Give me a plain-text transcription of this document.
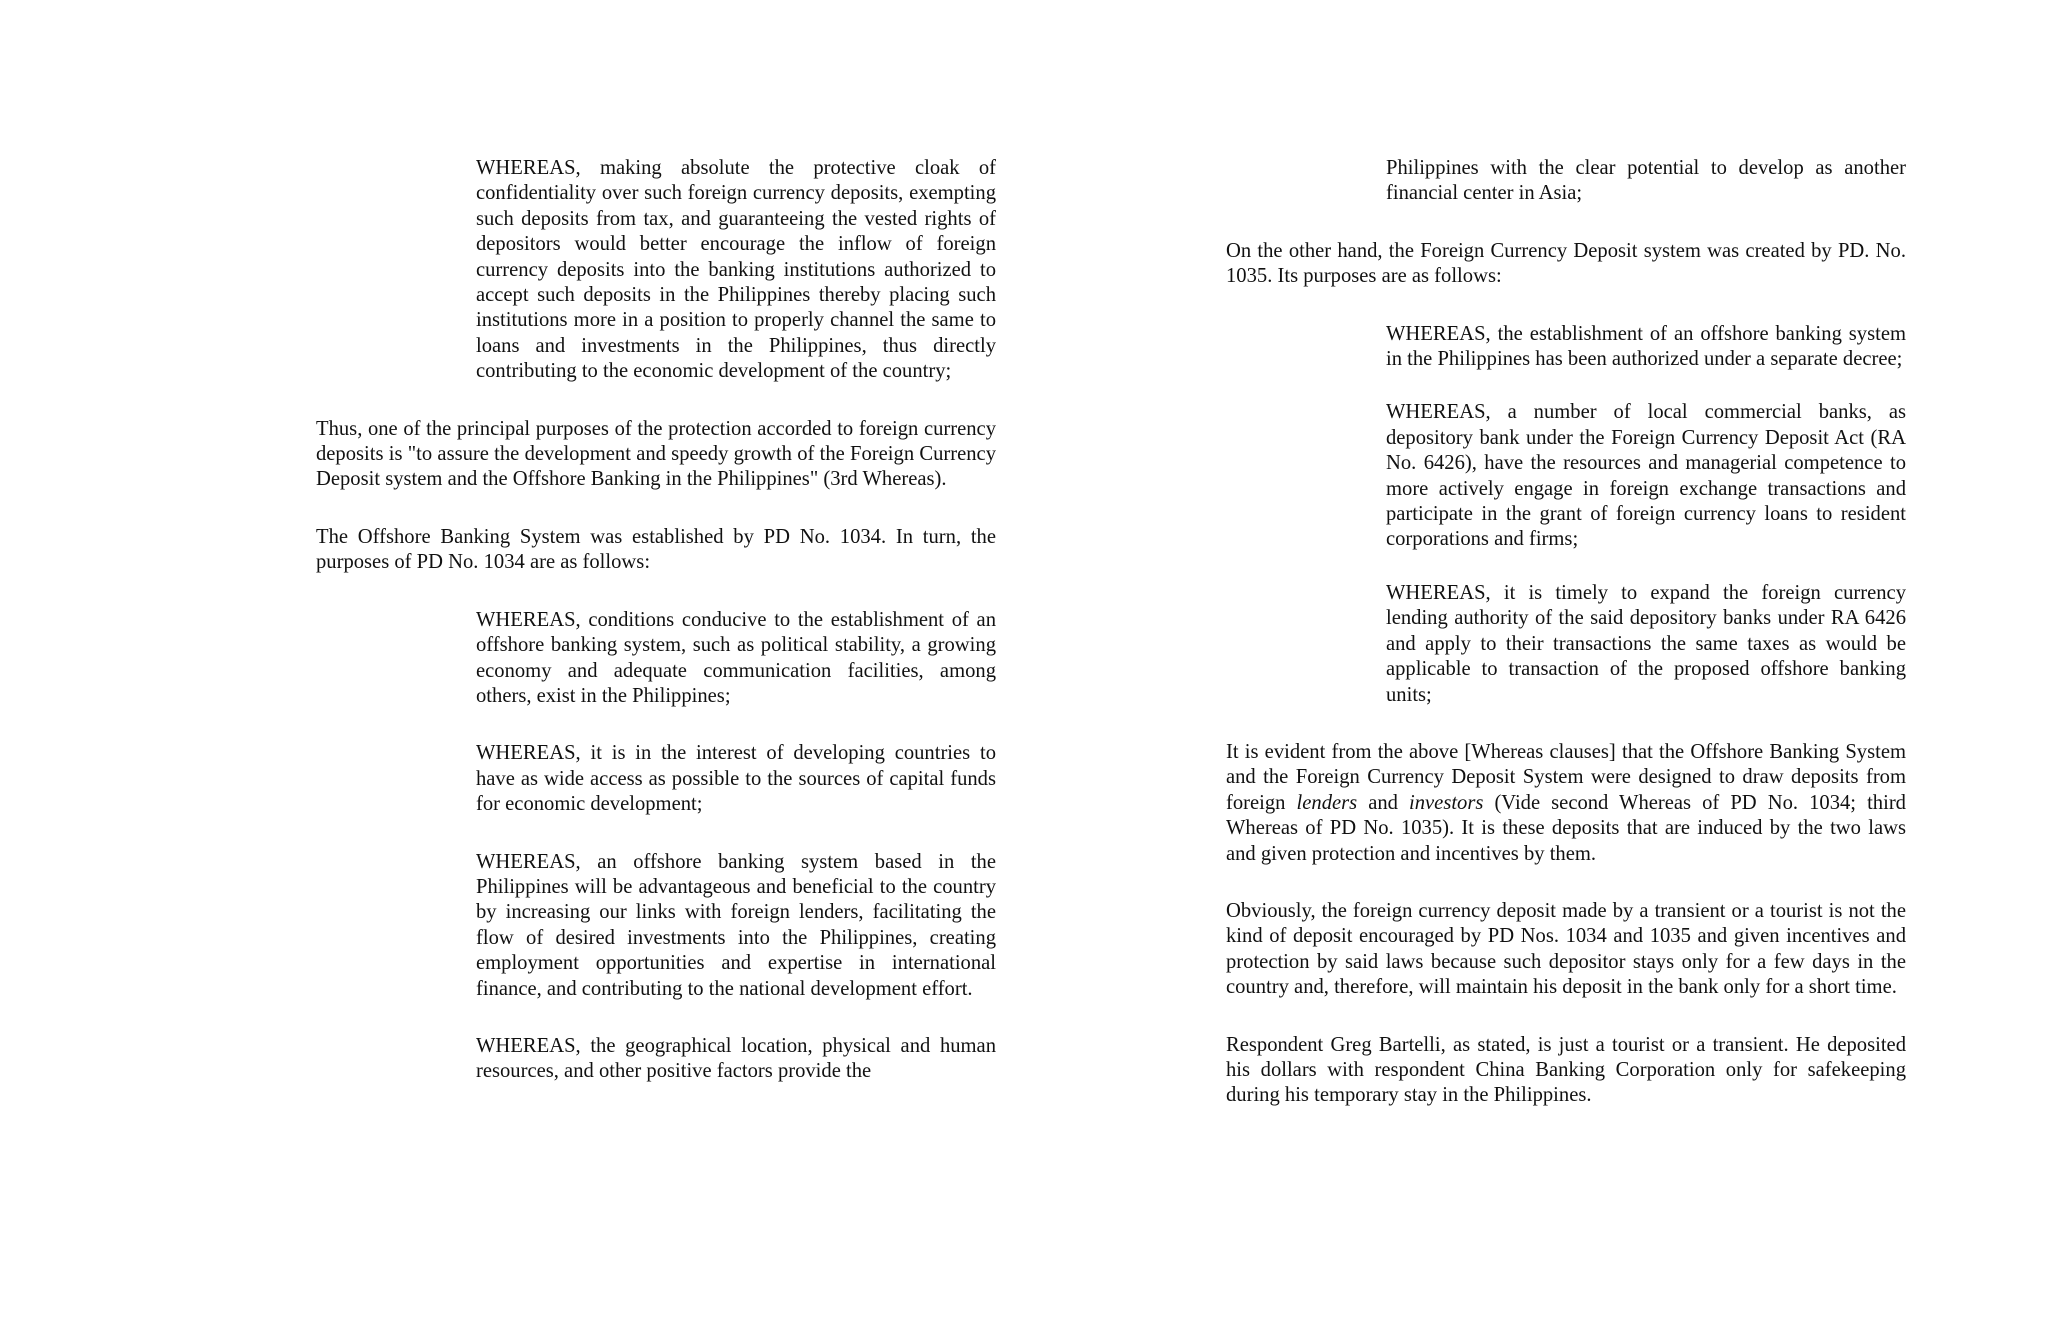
WHEREAS, making absolute the protective cloak of confidentiality over such foreign currency deposits, exempting such deposits from tax, and guaranteeing the vested rights of depositors would better encourage the inflow of foreign currency deposits into the banking institutions authorized to accept such deposits in the Philippines thereby placing such institutions more in a position to properly channel the same to loans and investments in the Philippines, thus directly contributing to the economic development of the country;

Thus, one of the principal purposes of the protection accorded to foreign currency deposits is "to assure the development and speedy growth of the Foreign Currency Deposit system and the Offshore Banking in the Philippines" (3rd Whereas).

The Offshore Banking System was established by PD No. 1034. In turn, the purposes of PD No. 1034 are as follows:

WHEREAS, conditions conducive to the establishment of an offshore banking system, such as political stability, a growing economy and adequate communication facilities, among others, exist in the Philippines;

WHEREAS, it is in the interest of developing countries to have as wide access as possible to the sources of capital funds for economic development;

WHEREAS, an offshore banking system based in the Philippines will be advantageous and beneficial to the country by increasing our links with foreign lenders, facilitating the flow of desired investments into the Philippines, creating employment opportunities and expertise in international finance, and contributing to the national development effort.

WHEREAS, the geographical location, physical and human resources, and other positive factors provide the

Philippines with the clear potential to develop as another financial center in Asia;

On the other hand, the Foreign Currency Deposit system was created by PD. No. 1035. Its purposes are as follows:

WHEREAS, the establishment of an offshore banking system in the Philippines has been authorized under a separate decree;

WHEREAS, a number of local commercial banks, as depository bank under the Foreign Currency Deposit Act (RA No. 6426), have the resources and managerial competence to more actively engage in foreign exchange transactions and participate in the grant of foreign currency loans to resident corporations and firms;

WHEREAS, it is timely to expand the foreign currency lending authority of the said depository banks under RA 6426 and apply to their transactions the same taxes as would be applicable to transaction of the proposed offshore banking units;

It is evident from the above [Whereas clauses] that the Offshore Banking System and the Foreign Currency Deposit System were designed to draw deposits from foreign lenders and investors (Vide second Whereas of PD No. 1034; third Whereas of PD No. 1035). It is these deposits that are induced by the two laws and given protection and incentives by them.

Obviously, the foreign currency deposit made by a transient or a tourist is not the kind of deposit encouraged by PD Nos. 1034 and 1035 and given incentives and protection by said laws because such depositor stays only for a few days in the country and, therefore, will maintain his deposit in the bank only for a short time.

Respondent Greg Bartelli, as stated, is just a tourist or a transient. He deposited his dollars with respondent China Banking Corporation only for safekeeping during his temporary stay in the Philippines.
